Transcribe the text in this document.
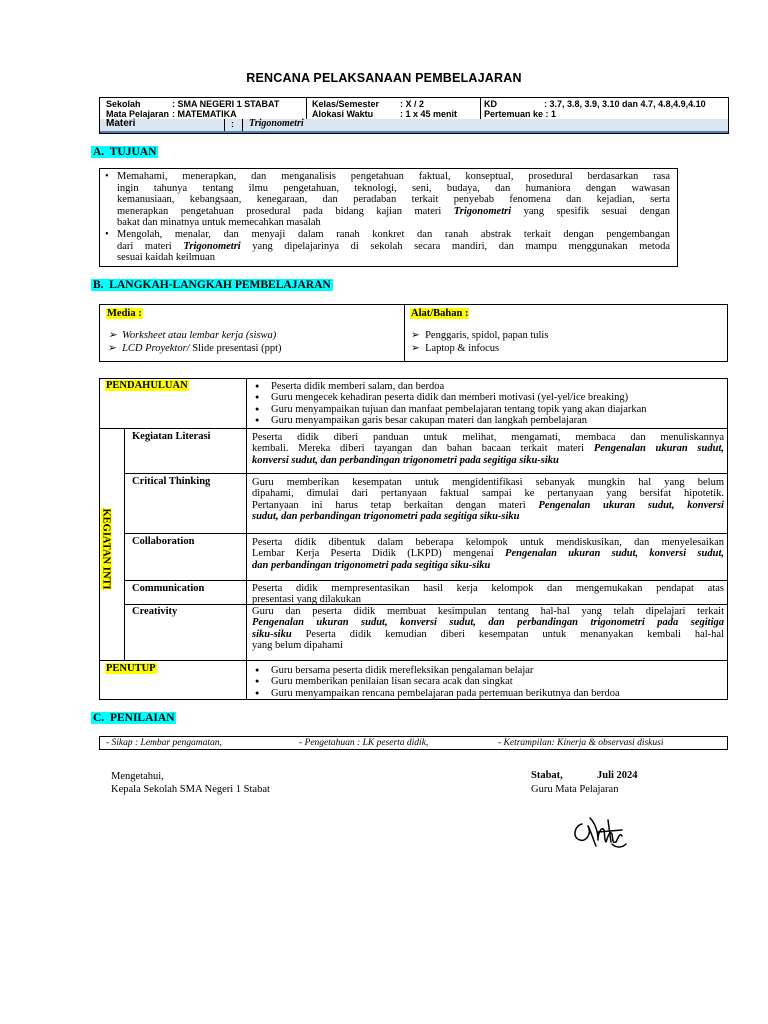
RENCANA PELAKSANAAN PEMBELAJARAN
Sekolah	: SMA NEGERI 1 STABAT
Mata Pelajaran : MATEMATIKA
Kelas/Semester : X / 2
Alokasi Waktu	: 1 x 45 menit
KD	: 3.7, 3.8, 3.9, 3.10 dan 4.7, 4.8,4.9,4.10
Pertemuan ke : 1
Materi	: Trigonometri
A. TUJUAN
• Memahami, menerapkan, dan menganalisis pengetahuan faktual, konseptual, prosedural berdasarkan rasa
ingin tahunya tentang ilmu pengetahuan, teknologi, seni, budaya, dan humaniora dengan wawasan
kemanusiaan, kebangsaan, kenegaraan, dan peradaban terkait penyebab fenomena dan kejadian, serta
menerapkan pengetahuan prosedural pada bidang kajian materi Trigonometri yang spesifik sesuai dengan
bakat dan minatnya untuk memecahkan masalah
• Mengolah, menalar, dan menyaji dalam ranah konkret dan ranah abstrak terkait dengan pengembangan
dari materi Trigonometri yang dipelajarinya di sekolah secara mandiri, dan mampu menggunakan metoda
sesuai kaidah keilmuan
B. LANGKAH-LANGKAH PEMBELAJARAN
Media :
➢  Worksheet atau lembar kerja (siswa)
➢  LCD Proyektor/ Slide presentasi (ppt)
Alat/Bahan :
➢  Penggaris, spidol, papan tulis
➢  Laptop & infocus
PENDAHULUAN	● Peserta didik memberi salam, dan berdoa
● Guru mengecek kehadiran peserta didik dan memberi motivasi (yel-yel/ice breaking)
● Guru menyampaikan tujuan dan manfaat pembelajaran tentang topik yang akan diajarkan
● Guru menyampaikan garis besar cakupan materi dan langkah pembelajaran
KEGIATAN INTI
Kegiatan Literasi	Peserta didik diberi panduan untuk melihat, mengamati, membaca dan menuliskannya
kembali. Mereka diberi tayangan dan bahan bacaan terkait materi Pengenalan ukuran sudut,
konversi sudut, dan perbandingan trigonometri pada segitiga siku-siku
Critical Thinking	Guru memberikan kesempatan untuk mengidentifikasi sebanyak mungkin hal yang belum
dipahami, dimulai dari pertanyaan faktual sampai ke pertanyaan yang bersifat hipotetik.
Pertanyaan ini harus tetap berkaitan dengan materi Pengenalan ukuran sudut, konversi
sudut, dan perbandingan trigonometri pada segitiga siku-siku
Collaboration	Peserta didik dibentuk dalam beberapa kelompok untuk mendiskusikan, dan menyelesaikan
Lembar Kerja Peserta Didik (LKPD) mengenai Pengenalan ukuran sudut, konversi sudut,
dan perbandingan trigonometri pada segitiga siku-siku
Communication	Peserta didik mempresentasikan hasil kerja kelompok dan mengemukakan pendapat atas
presentasi yang dilakukan
Creativity	Guru dan peserta didik membuat kesimpulan tentang hal-hal yang telah dipelajari terkait
Pengenalan ukuran sudut, konversi sudut, dan perbandingan trigonometri pada segitiga
siku-siku Peserta didik kemudian diberi kesempatan untuk menanyakan kembali hal-hal
yang belum dipahami
PENUTUP	● Guru bersama peserta didik merefleksikan pengalaman belajar
● Guru memberikan penilaian lisan secara acak dan singkat
● Guru menyampaikan rencana pembelajaran pada pertemuan berikutnya dan berdoa
C. PENILAIAN
- Sikap : Lembar pengamatan,	- Pengetahuan : LK peserta didik,	- Ketrampilan: Kinerja & observasi diskusi
Mengetahui,
Kepala Sekolah SMA Negeri 1 Stabat
Stabat,	Juli 2024
Guru Mata Pelajaran
